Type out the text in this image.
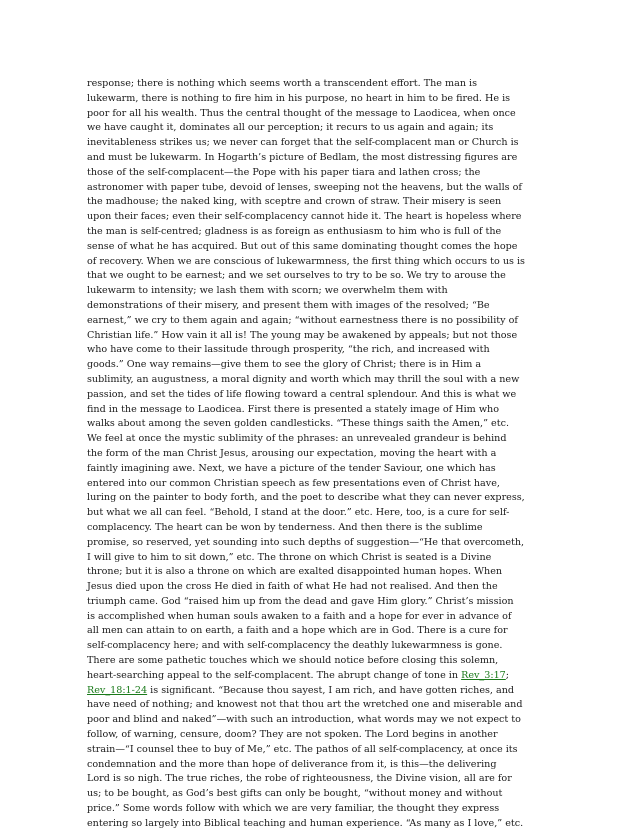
response; there is nothing which seems worth a transcendent effort. The man is
lukewarm, there is nothing to fire him in his purpose, no heart in him to be fired. He is
poor for all his wealth. Thus the central thought of the message to Laodicea, when once
we have caught it, dominates all our perception; it recurs to us again and again; its
inevitableness strikes us; we never can forget that the self-complacent man or Church is
and must be lukewarm. In Hogarth’s picture of Bedlam, the most distressing figures are
those of the self-complacent—the Pope with his paper tiara and lathen cross; the
astronomer with paper tube, devoid of lenses, sweeping not the heavens, but the walls of
the madhouse; the naked king, with sceptre and crown of straw. Their misery is seen
upon their faces; even their self-complacency cannot hide it. The heart is hopeless where
the man is self-centred; gladness is as foreign as enthusiasm to him who is full of the
sense of what he has acquired. But out of this same dominating thought comes the hope
of recovery. When we are conscious of lukewarmness, the first thing which occurs to us is
that we ought to be earnest; and we set ourselves to try to be so. We try to arouse the
lukewarm to intensity; we lash them with scorn; we overwhelm them with
demonstrations of their misery, and present them with images of the resolved; “Be
earnest,” we cry to them again and again; “without earnestness there is no possibility of
Christian life.” How vain it all is! The young may be awakened by appeals; but not those
who have come to their lassitude through prosperity, “the rich, and increased with
goods.” One way remains—give them to see the glory of Christ; there is in Him a
sublimity, an augustness, a moral dignity and worth which may thrill the soul with a new
passion, and set the tides of life flowing toward a central splendour. And this is what we
find in the message to Laodicea. First there is presented a stately image of Him who
walks about among the seven golden candlesticks. “These things saith the Amen,” etc.
We feel at once the mystic sublimity of the phrases: an unrevealed grandeur is behind
the form of the man Christ Jesus, arousing our expectation, moving the heart with a
faintly imagining awe. Next, we have a picture of the tender Saviour, one which has
entered into our common Christian speech as few presentations even of Christ have,
luring on the painter to body forth, and the poet to describe what they can never express,
but what we all can feel. “Behold, I stand at the door.” etc. Here, too, is a cure for self-
complacency. The heart can be won by tenderness. And then there is the sublime
promise, so reserved, yet sounding into such depths of suggestion—“He that overcometh,
I will give to him to sit down,” etc. The throne on which Christ is seated is a Divine
throne; but it is also a throne on which are exalted disappointed human hopes. When
Jesus died upon the cross He died in faith of what He had not realised. And then the
triumph came. God “raised him up from the dead and gave Him glory.” Christ’s mission
is accomplished when human souls awaken to a faith and a hope for ever in advance of
all men can attain to on earth, a faith and a hope which are in God. There is a cure for
self-complacency here; and with self-complacency the deathly lukewarmness is gone.
There are some pathetic touches which we should notice before closing this solemn,
heart-searching appeal to the self-complacent. The abrupt change of tone in Rev_3:17;
Rev_18:1-24 is significant. “Because thou sayest, I am rich, and have gotten riches, and
have need of nothing; and knowest not that thou art the wretched one and miserable and
poor and blind and naked”—with such an introduction, what words may we not expect to
follow, of warning, censure, doom? They are not spoken. The Lord begins in another
strain—“I counsel thee to buy of Me,” etc. The pathos of all self-complacency, at once its
condemnation and the more than hope of deliverance from it, is this—the delivering
Lord is so nigh. The true riches, the robe of righteousness, the Divine vision, all are for
us; to be bought, as God’s best gifts can only be bought, “without money and without
price.” Some words follow with which we are very familiar, the thought they express
entering so largely into Biblical teaching and human experience. “As many as I love,” etc.
